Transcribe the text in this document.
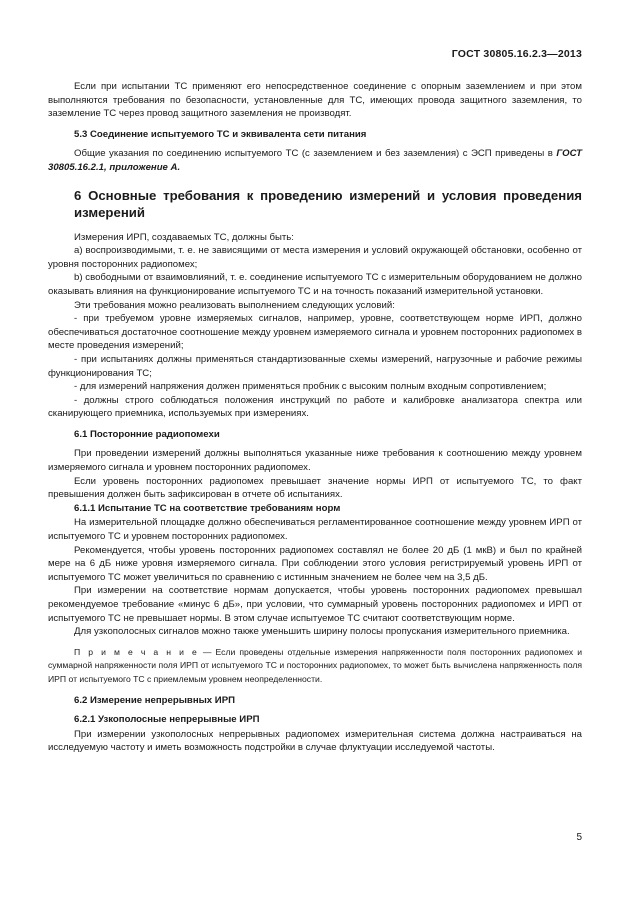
ГОСТ 30805.16.2.3—2013

Если при испытании ТС применяют его непосредственное соединение с опорным заземлением и при этом выполняются требования по безопасности, установленные для ТС, имеющих провода защитного заземления, то заземление ТС через провод защитного заземления не производят.

5.3 Соединение испытуемого ТС и эквивалента сети питания

Общие указания по соединению испытуемого ТС (с заземлением и без заземления) с ЭСП приведены в ГОСТ 30805.16.2.1, приложение А.

6 Основные требования к проведению измерений и условия проведения измерений

Измерения ИРП, создаваемых ТС, должны быть:

а) воспроизводимыми, т. е. не зависящими от места измерения и условий окружающей обстановки, особенно от уровня посторонних радиопомех;

b) свободными от взаимовлияний, т. е. соединение испытуемого ТС с измерительным оборудованием не должно оказывать влияния на функционирование испытуемого ТС и на точность показаний измерительной установки.

Эти требования можно реализовать выполнением следующих условий:

- при требуемом уровне измеряемых сигналов, например, уровне, соответствующем норме ИРП, должно обеспечиваться достаточное соотношение между уровнем измеряемого сигнала и уровнем посторонних радиопомех в месте проведения измерений;

- при испытаниях должны применяться стандартизованные схемы измерений, нагрузочные и рабочие режимы функционирования ТС;

- для измерений напряжения должен применяться пробник с высоким полным входным сопротивлением;

- должны строго соблюдаться положения инструкций по работе и калибровке анализатора спектра или сканирующего приемника, используемых при измерениях.

6.1 Посторонние радиопомехи

При проведении измерений должны выполняться указанные ниже требования к соотношению между уровнем измеряемого сигнала и уровнем посторонних радиопомех.

Если уровень посторонних радиопомех превышает значение нормы ИРП от испытуемого ТС, то факт превышения должен быть зафиксирован в отчете об испытаниях.

6.1.1 Испытание ТС на соответствие требованиям норм

На измерительной площадке должно обеспечиваться регламентированное соотношение между уровнем ИРП от испытуемого ТС и уровнем посторонних радиопомех.

Рекомендуется, чтобы уровень посторонних радиопомех составлял не более 20 дБ (1 мкВ) и был по крайней мере на 6 дБ ниже уровня измеряемого сигнала. При соблюдении этого условия регистрируемый уровень ИРП от испытуемого ТС может увеличиться по сравнению с истинным значением не более чем на 3,5 дБ.

При измерении на соответствие нормам допускается, чтобы уровень посторонних радиопомех превышал рекомендуемое требование «минус 6 дБ», при условии, что суммарный уровень посторонних радиопомех и ИРП от испытуемого ТС не превышает нормы. В этом случае испытуемое ТС считают соответствующим норме.

Для узкополосных сигналов можно также уменьшить ширину полосы пропускания измерительного приемника.

П р и м е ч а н и е — Если проведены отдельные измерения напряженности поля посторонних радиопомех и суммарной напряженности поля ИРП от испытуемого ТС и посторонних радиопомех, то может быть вычислена напряженность поля ИРП от испытуемого ТС с приемлемым уровнем неопределенности.

6.2 Измерение непрерывных ИРП
6.2.1 Узкополосные непрерывные ИРП

При измерении узкополосных непрерывных радиопомех измерительная система должна настраиваться на исследуемую частоту и иметь возможность подстройки в случае флуктуации исследуемой частоты.

5
